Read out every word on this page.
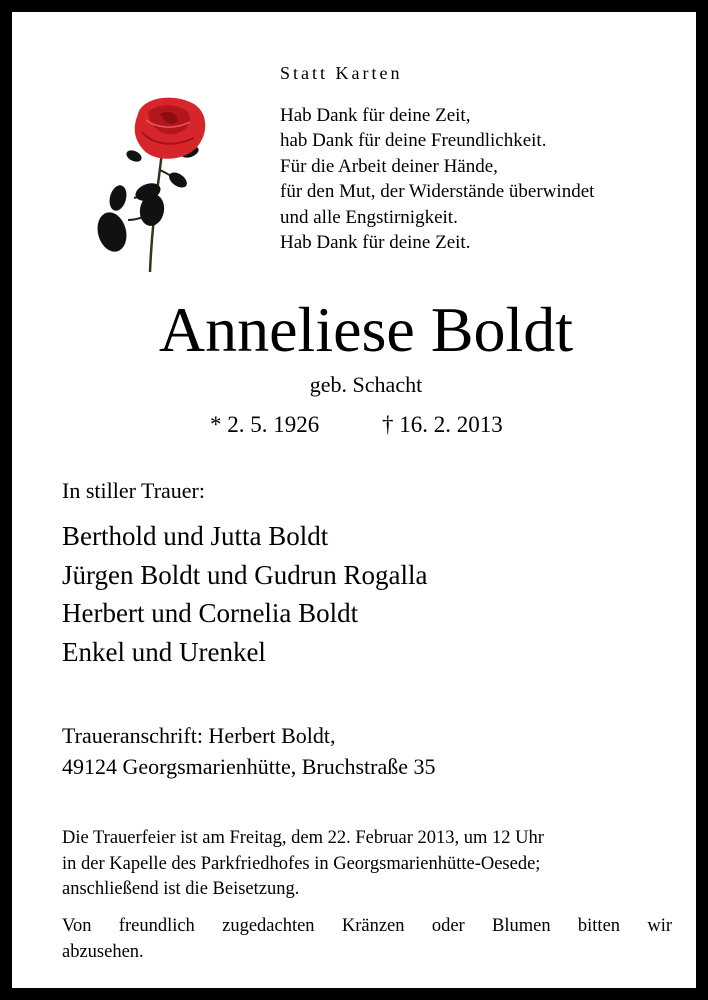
Statt Karten
Hab Dank für deine Zeit,
hab Dank für deine Freundlichkeit.
Für die Arbeit deiner Hände,
für den Mut, der Widerstände überwindet
und alle Engstirnigkeit.
Hab Dank für deine Zeit.
Anneliese Boldt
geb. Schacht
* 2. 5. 1926	† 16. 2. 2013
In stiller Trauer:
Berthold und Jutta Boldt
Jürgen Boldt und Gudrun Rogalla
Herbert und Cornelia Boldt
Enkel und Urenkel
Traueranschrift: Herbert Boldt,
49124 Georgsmarienhütte, Bruchstraße 35
Die Trauerfeier ist am Freitag, dem 22. Februar 2013, um 12 Uhr
in der Kapelle des Parkfriedhofes in Georgsmarienhütte-Oesede;
anschließend ist die Beisetzung.
Von freundlich zugedachten Kränzen oder Blumen bitten wir
abzusehen.
